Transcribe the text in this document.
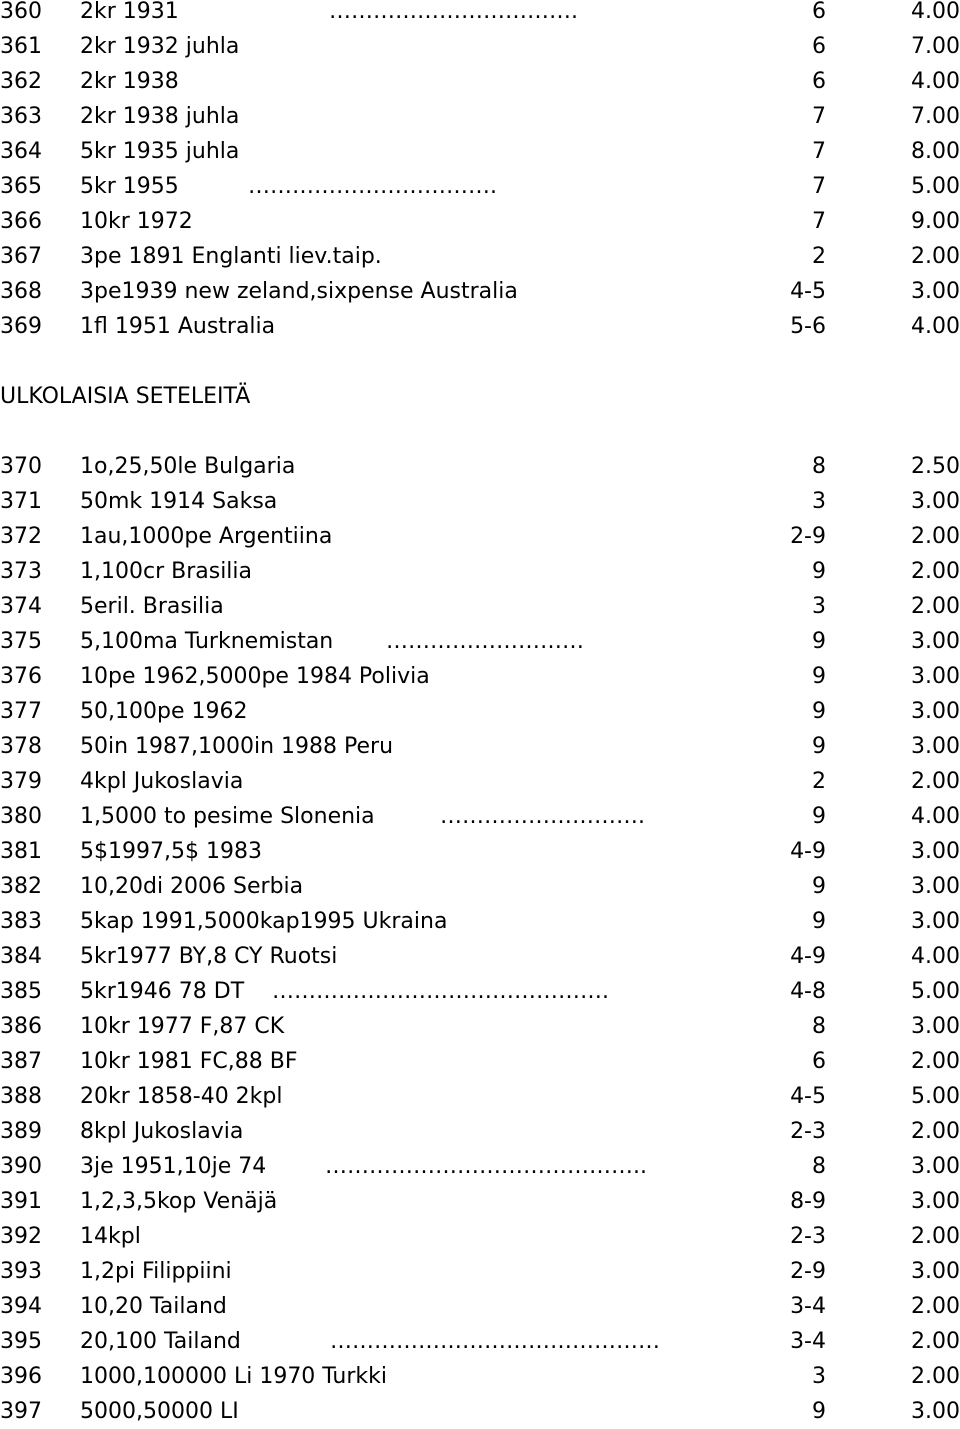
360 2kr 1931	…………………………….	6	4.00
361 2kr 1932 juhla	6	7.00
362 2kr 1938	6	4.00
363 2kr 1938 juhla	7	7.00
364 5kr 1935 juhla	7	8.00
365 5kr 1955	…………………………….	7	5.00
366 10kr 1972	7	9.00
367 3pe 1891 Englanti liev.taip.	2	2.00
368 3pe1939 new zeland,sixpense Australia	4-5	3.00
369 1fl 1951 Australia	5-6	4.00
ULKOLAISIA SETELEITÄ
370 1o,25,50le Bulgaria	8	2.50
371 50mk 1914 Saksa	3	3.00
372 1au,1000pe Argentiina	2-9	2.00
373 1,100cr Brasilia	9	2.00
374 5eril. Brasilia	3	2.00
375 5,100ma Turknemistan ………………………	9	3.00
376 10pe 1962,5000pe 1984 Polivia	9	3.00
377 50,100pe 1962	9	3.00
378 50in 1987,1000in 1988 Peru	9	3.00
379 4kpl Jukoslavia	2	2.00
380 1,5000 to pesime Slonenia	……………………….	9	4.00
381 5$1997,5$ 1983	4-9	3.00
382 10,20di 2006 Serbia	9	3.00
383 5kap 1991,5000kap1995 Ukraina	9	3.00
384 5kr1977 BY,8 CY Ruotsi	4-9	4.00
385 5kr1946 78 DT ……………………………………….	4-8	5.00
386 10kr 1977 F,87 CK	8	3.00
387 10kr 1981 FC,88 BF	6	2.00
388 20kr 1858-40 2kpl	4-5	5.00
389 8kpl Jukoslavia	2-3	2.00
390 3je 1951,10je 74	……………………………………..	8	3.00
391 1,2,3,5kop Venäjä	8-9	3.00
392 14kpl	2-3	2.00
393 1,2pi Filippiini	2-9	3.00
394 10,20 Tailand	3-4	2.00
395 20,100 Tailand	………………………………………	3-4	2.00
396 1000,100000 Li 1970 Turkki	3	2.00
397 5000,50000 LI	9	3.00
